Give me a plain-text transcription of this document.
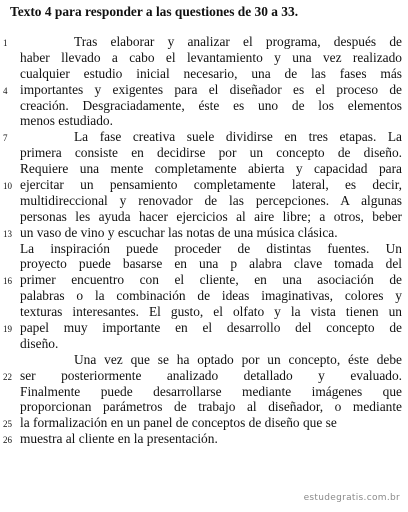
Texto 4 para responder a las questiones de 30 a 33.
1	Tras elaborar y analizar el programa, después de
haber llevado a cabo el levantamiento y una vez realizado
cualquier estudio inicial necesario, una de las fases más
4 importantes y exigentes para el diseñador es el proceso de
creación. Desgraciadamente, éste es uno de los elementos
menos estudiado.
7	La fase creativa suele dividirse en tres etapas. La
primera consiste en decidirse por un concepto de diseño.
Requiere una mente completamente abierta y capacidad para
10 ejercitar un pensamiento completamente lateral, es decir,
multidireccional y renovador de las percepciones. A algunas
personas les ayuda hacer ejercicios al aire libre; a otros, beber
13 un vaso de vino y escuchar las notas de una música clásica.
La inspiración puede proceder de distintas fuentes. Un
proyecto puede basarse en una p alabra clave tomada del
16 primer encuentro con el cliente, en una asociación de
palabras o la combinación de ideas imaginativas, colores y
texturas interesantes. El gusto, el olfato y la vista tienen un
19 papel muy importante en el desarrollo del concepto de
diseño.
Una vez que se ha optado por un concepto, éste debe
22 ser posteriormente analizado detallado y evaluado.
Finalmente puede desarrollarse mediante imágenes que
proporcionan parámetros de trabajo al diseñador, o mediante
25 la formalización en un panel de conceptos de diseño que se
26 muestra al cliente en la presentación.
estudegratis.com.br
